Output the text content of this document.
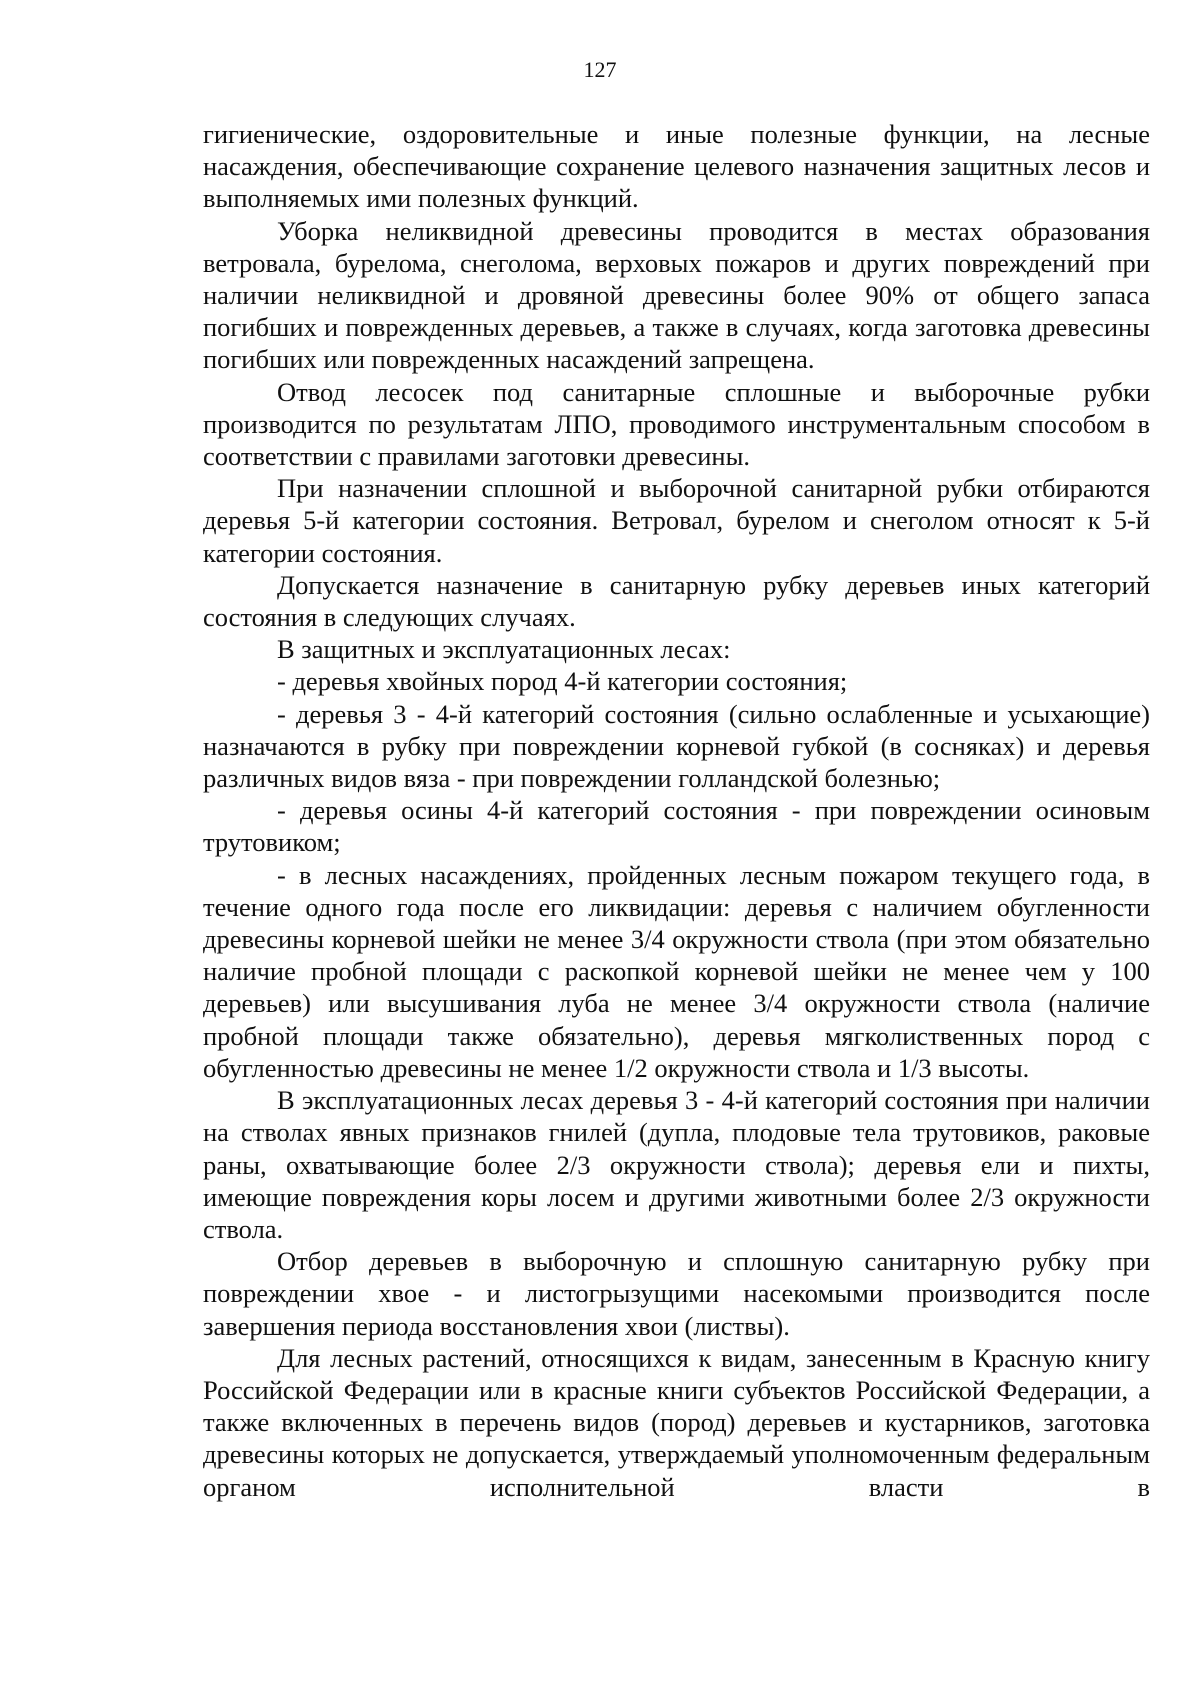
127

гигиенические, оздоровительные и иные полезные функции, на лесные насаждения, обеспечивающие сохранение целевого назначения защитных лесов и выполняемых ими полезных функций.

Уборка неликвидной древесины проводится в местах образования ветровала, бурелома, снеголома, верховых пожаров и других повреждений при наличии неликвидной и дровяной древесины более 90% от общего запаса погибших и поврежденных деревьев, а также в случаях, когда заготовка древесины погибших или поврежденных насаждений запрещена.

Отвод лесосек под санитарные сплошные и выборочные рубки производится по результатам ЛПО, проводимого инструментальным способом в соответствии с правилами заготовки древесины.

При назначении сплошной и выборочной санитарной рубки отбираются деревья 5-й категории состояния. Ветровал, бурелом и снеголом относят к 5-й категории состояния.

Допускается назначение в санитарную рубку деревьев иных категорий состояния в следующих случаях.

В защитных и эксплуатационных лесах:

- деревья хвойных пород 4-й категории состояния;

- деревья 3 - 4-й категорий состояния (сильно ослабленные и усыхающие) назначаются в рубку при повреждении корневой губкой (в сосняках) и деревья различных видов вяза - при повреждении голландской болезнью;

- деревья осины 4-й категорий состояния - при повреждении осиновым трутовиком;

- в лесных насаждениях, пройденных лесным пожаром текущего года, в течение одного года после его ликвидации: деревья с наличием обугленности древесины корневой шейки не менее 3/4 окружности ствола (при этом обязательно наличие пробной площади с раскопкой корневой шейки не менее чем у 100 деревьев) или высушивания луба не менее 3/4 окружности ствола (наличие пробной площади также обязательно), деревья мягколиственных пород с обугленностью древесины не менее 1/2 окружности ствола и 1/3 высоты.

В эксплуатационных лесах деревья 3 - 4-й категорий состояния при наличии на стволах явных признаков гнилей (дупла, плодовые тела трутовиков, раковые раны, охватывающие более 2/3 окружности ствола); деревья ели и пихты, имеющие повреждения коры лосем и другими животными более 2/3 окружности ствола.

Отбор деревьев в выборочную и сплошную санитарную рубку при повреждении хвое - и листогрызущими насекомыми производится после завершения периода восстановления хвои (листвы).

Для лесных растений, относящихся к видам, занесенным в Красную книгу Российской Федерации или в красные книги субъектов Российской Федерации, а также включенных в перечень видов (пород) деревьев и кустарников, заготовка древесины которых не допускается, утверждаемый уполномоченным федеральным органом исполнительной власти в
